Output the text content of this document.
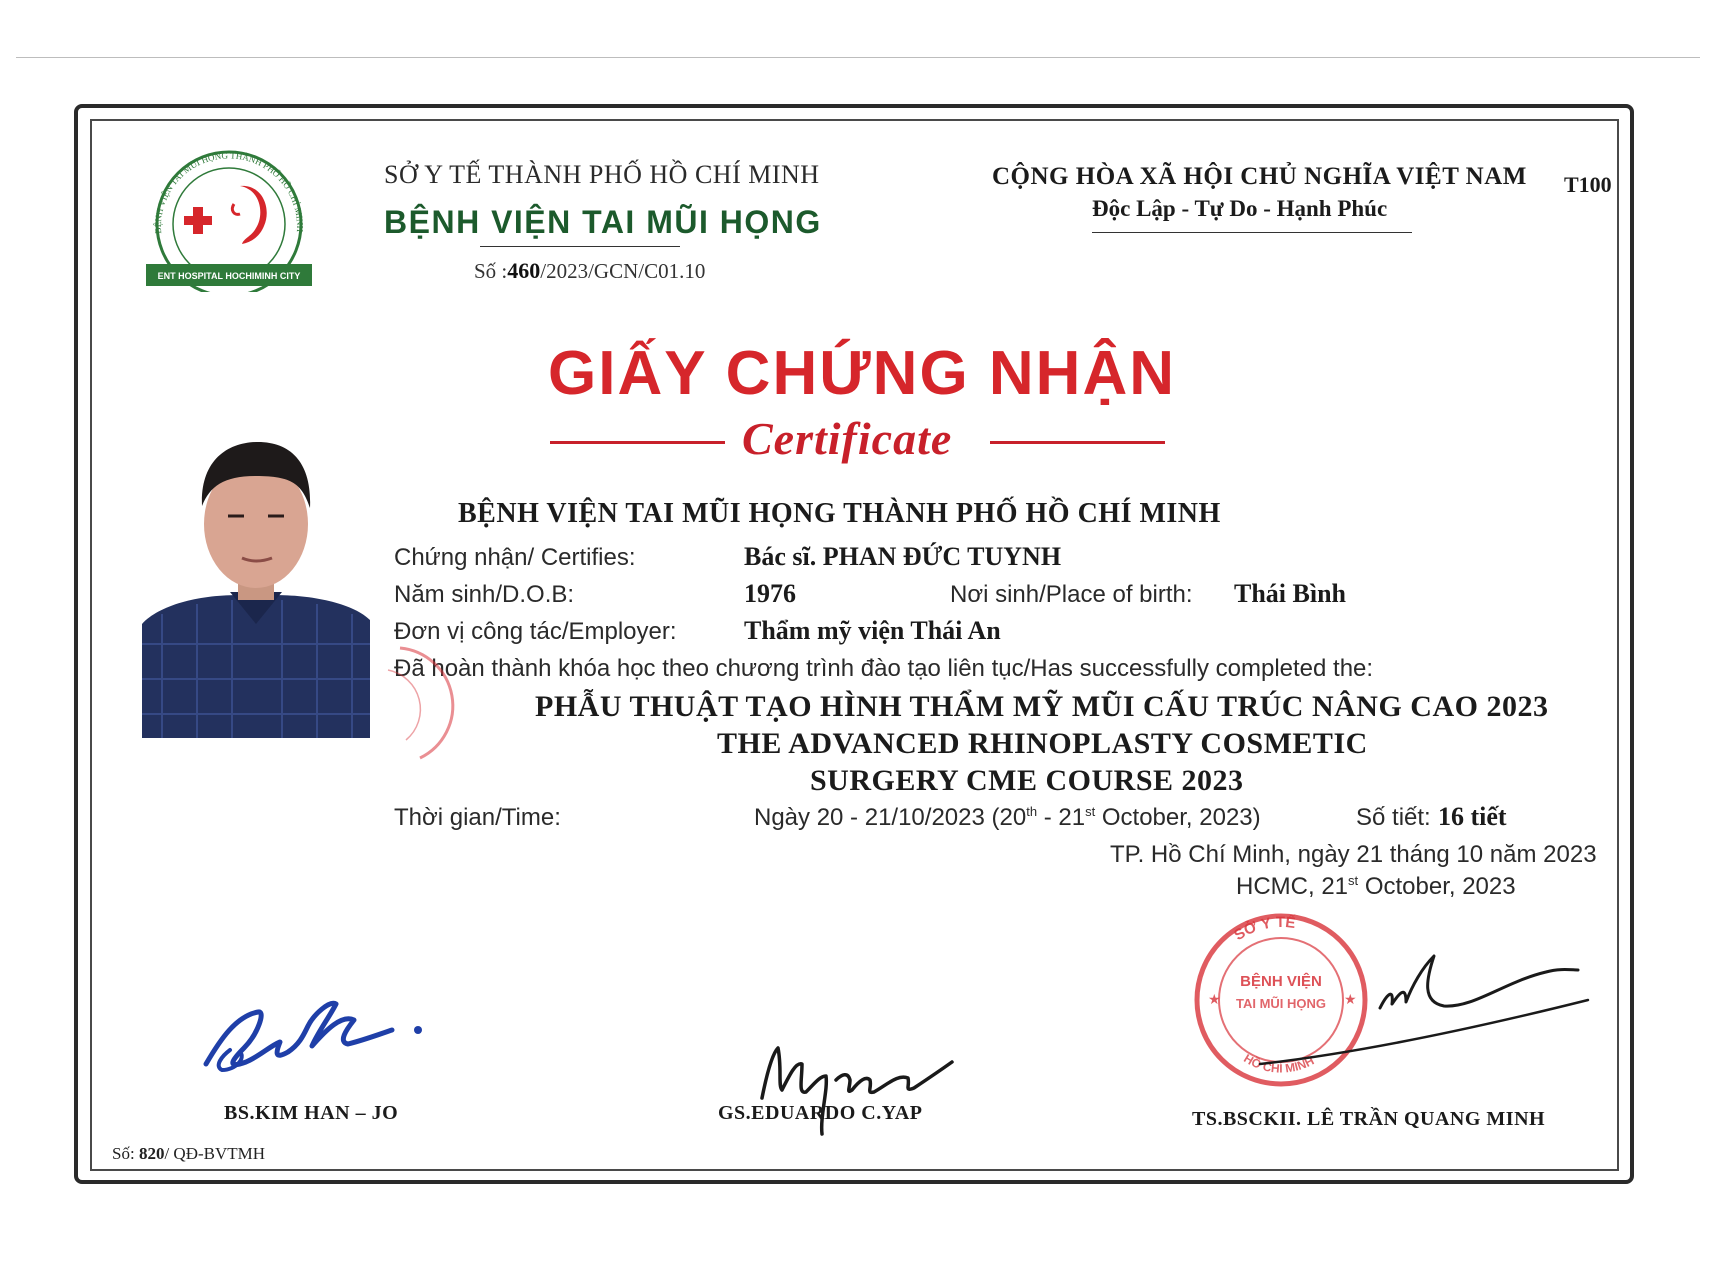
BỆNH VIỆN TAI MŨI HỌNG THÀNH PHỐ HỒ CHÍ MINH
ENT HOSPITAL HOCHIMINH CITY
SỞ Y TẾ THÀNH PHỐ HỒ CHÍ MINH
BỆNH VIỆN TAI MŨI HỌNG
Số :460/2023/GCN/C01.10
CỘNG HÒA XÃ HỘI CHỦ NGHĨA VIỆT NAM
Độc Lập - Tự Do - Hạnh Phúc
T100
GIẤY CHỨNG NHẬN
Certificate
BỆNH VIỆN TAI MŨI HỌNG THÀNH PHỐ HỒ CHÍ MINH
Chứng nhận/ Certifies:	Bác sĩ. PHAN ĐỨC TUYNH
Năm sinh/D.O.B:	1976	Nơi sinh/Place of birth: Thái Bình
Đơn vị công tác/Employer:	Thẩm mỹ viện Thái An
Đã hoàn thành khóa học theo chương trình đào tạo liên tục/Has successfully completed the:
PHẪU THUẬT TẠO HÌNH THẨM MỸ MŨI CẤU TRÚC NÂNG CAO 2023
THE ADVANCED RHINOPLASTY COSMETIC
SURGERY CME COURSE 2023
Thời gian/Time:	Ngày 20 - 21/10/2023 (20th - 21st October, 2023)	Số tiết: 16 tiết
TP. Hồ Chí Minh, ngày 21 tháng 10 năm 2023
HCMC, 21st October, 2023
SỞ Y TẾ
HỒ CHÍ MINH
BỆNH VIỆN
TAI MŨI HỌNG
★	★
BS.KIM HAN – JO	GS.EDUARDO C.YAP	TS.BSCKII. LÊ TRẦN QUANG MINH
Số: 820/ QĐ-BVTMH
